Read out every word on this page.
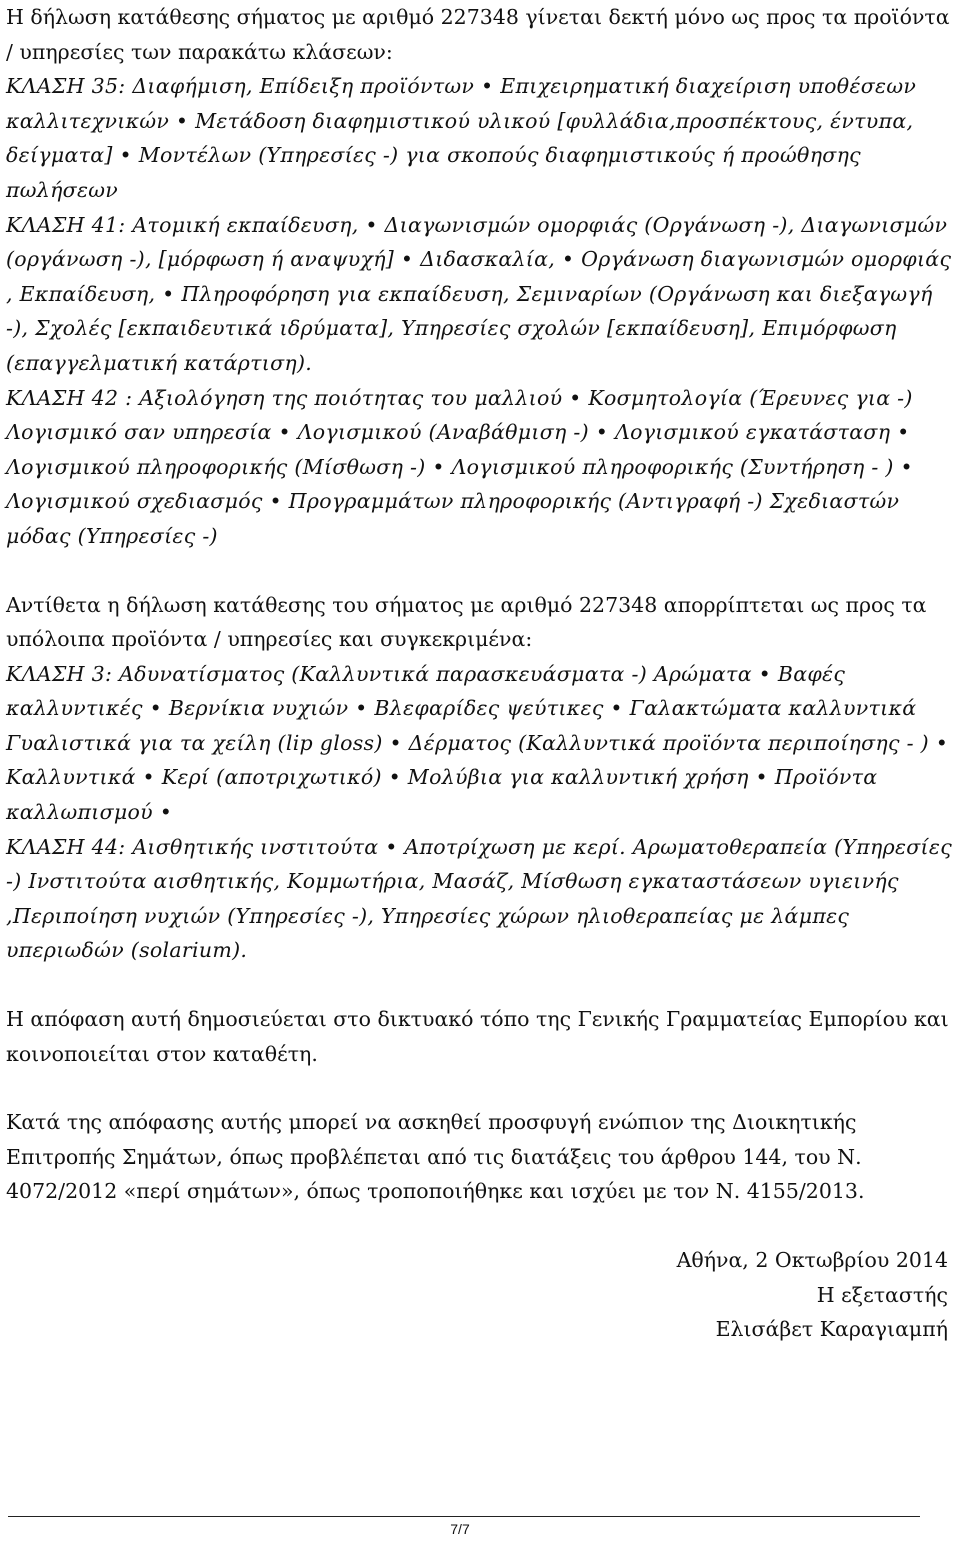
Η δήλωση κατάθεσης σήματος με αριθμό 227348 γίνεται δεκτή μόνο ως προς τα προϊόντα / υπηρεσίες των παρακάτω κλάσεων:
ΚΛΑΣΗ 35: Διαφήμιση, Επίδειξη προϊόντων • Επιχειρηματική διαχείριση υποθέσεων καλλιτεχνικών • Μετάδοση διαφημιστικού υλικού [φυλλάδια,προσπέκτους, έντυπα, δείγματα] • Μοντέλων (Υπηρεσίες -) για σκοπούς διαφημιστικούς ή προώθησης πωλήσεων
ΚΛΑΣΗ 41: Ατομική εκπαίδευση, • Διαγωνισμών ομορφιάς (Οργάνωση -), Διαγωνισμών (οργάνωση -), [μόρφωση ή αναψυχή] • Διδασκαλία, • Οργάνωση διαγωνισμών ομορφιάς , Εκπαίδευση, • Πληροφόρηση για εκπαίδευση, Σεμιναρίων (Οργάνωση και διεξαγωγή -), Σχολές [εκπαιδευτικά ιδρύματα], Υπηρεσίες σχολών [εκπαίδευση], Επιμόρφωση (επαγγελματική κατάρτιση).
ΚΛΑΣΗ 42 : Αξιολόγηση της ποιότητας του μαλλιού • Κοσμητολογία (Έρευνες για -) Λογισμικό σαν υπηρεσία • Λογισμικού (Αναβάθμιση -) • Λογισμικού εγκατάσταση • Λογισμικού πληροφορικής (Μίσθωση -) • Λογισμικού πληροφορικής (Συντήρηση - ) • Λογισμικού σχεδιασμός • Προγραμμάτων πληροφορικής (Αντιγραφή -) Σχεδιαστών μόδας (Υπηρεσίες -)
Αντίθετα η δήλωση κατάθεσης του σήματος με αριθμό 227348 απορρίπτεται ως προς τα υπόλοιπα προϊόντα / υπηρεσίες και συγκεκριμένα:
ΚΛΑΣΗ 3: Αδυνατίσματος (Καλλυντικά παρασκευάσματα -) Αρώματα • Βαφές καλλυντικές • Βερνίκια νυχιών • Βλεφαρίδες ψεύτικες • Γαλακτώματα καλλυντικά Γυαλιστικά για τα χείλη (lip gloss) • Δέρματος (Καλλυντικά προϊόντα περιποίησης - ) • Καλλυντικά • Κερί (αποτριχωτικό) • Μολύβια για καλλυντική χρήση • Προϊόντα καλλωπισμού •
ΚΛΑΣΗ 44: Αισθητικής ινστιτούτα • Αποτρίχωση με κερί. Αρωματοθεραπεία (Υπηρεσίες -) Ινστιτούτα αισθητικής, Κομμωτήρια, Μασάζ, Μίσθωση εγκαταστάσεων υγιεινής ,Περιποίηση νυχιών (Υπηρεσίες -), Υπηρεσίες χώρων ηλιοθεραπείας με λάμπες υπεριωδών (solarium).
Η απόφαση αυτή δημοσιεύεται στο δικτυακό τόπο της Γενικής Γραμματείας Εμπορίου και κοινοποιείται στον καταθέτη.
Κατά της απόφασης αυτής μπορεί να ασκηθεί προσφυγή ενώπιον της Διοικητικής Επιτροπής Σημάτων, όπως προβλέπεται από τις διατάξεις του άρθρου 144, του Ν. 4072/2012 «περί σημάτων», όπως τροποποιήθηκε και ισχύει με τον Ν. 4155/2013.
Αθήνα, 2 Οκτωβρίου 2014
Η εξεταστής
Ελισάβετ Καραγιαμπή
7/7
